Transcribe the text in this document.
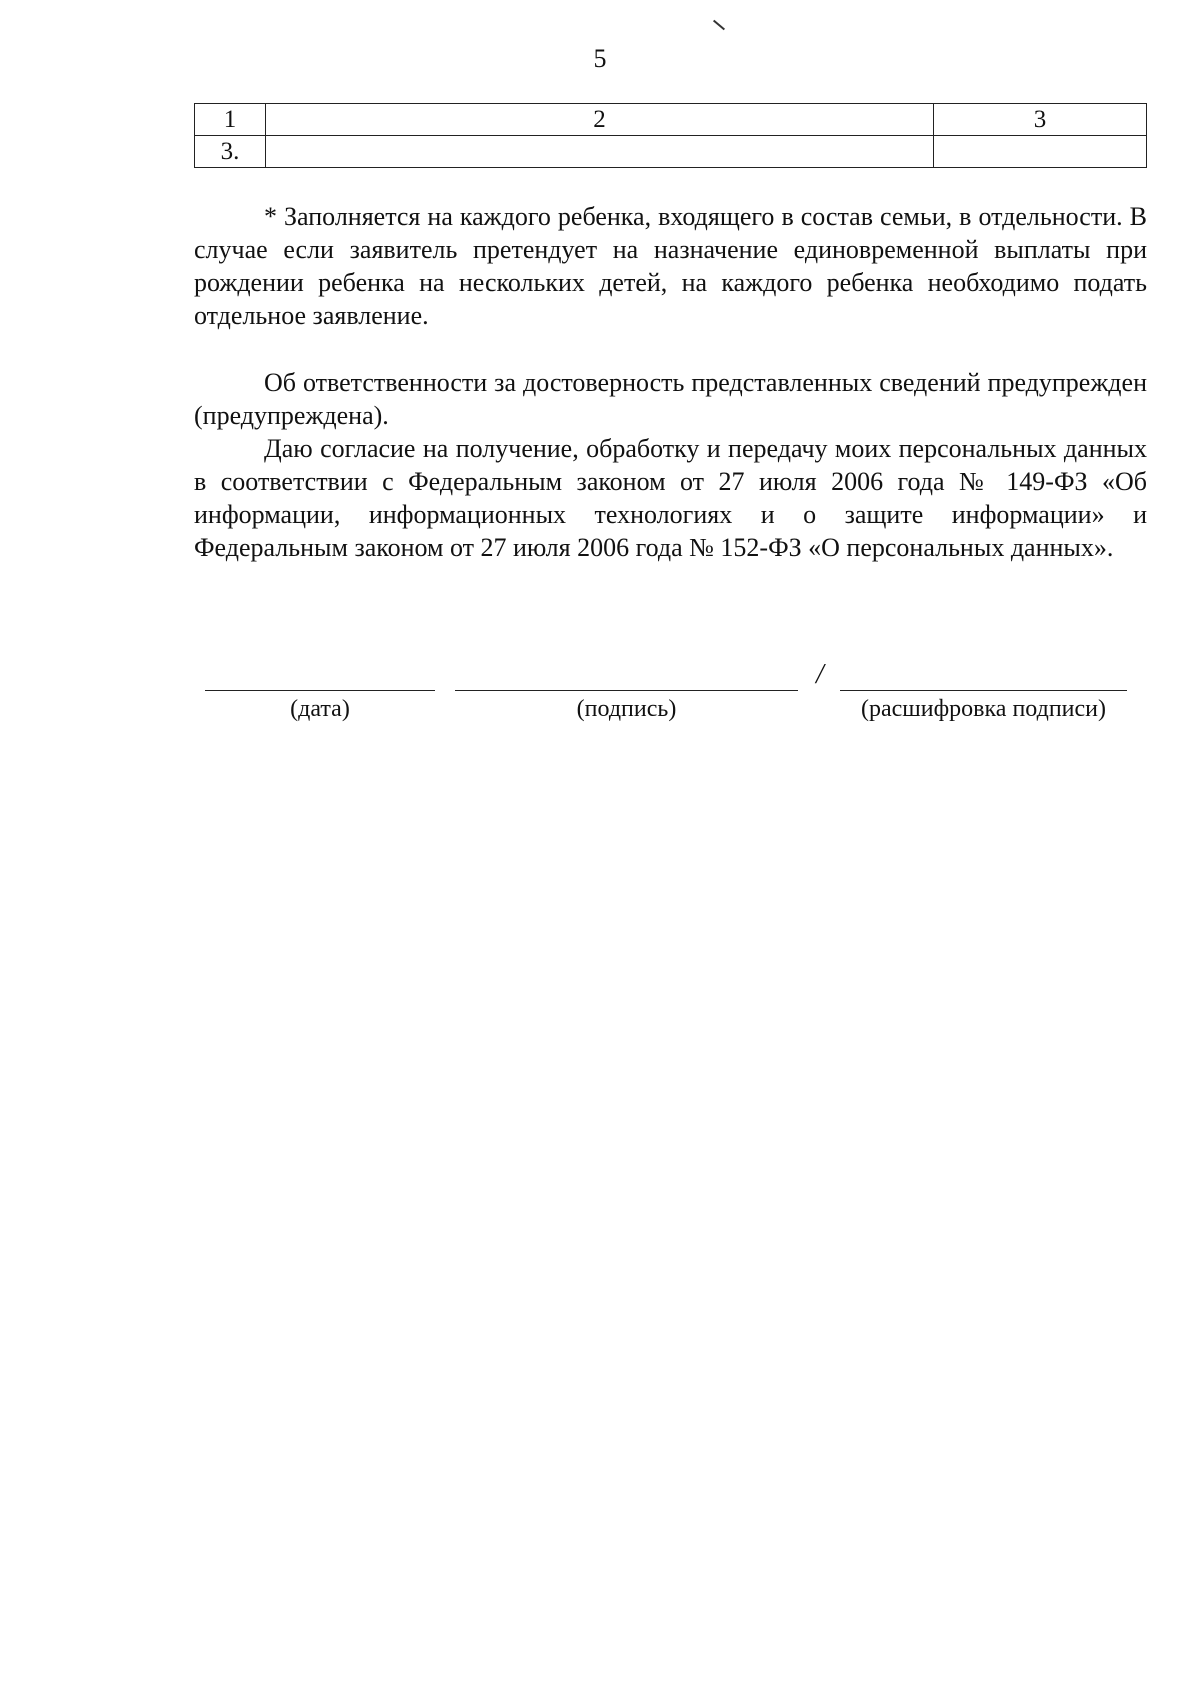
5
1	2	3
3.		

* Заполняется на каждого ребенка, входящего в состав семьи, в отдельности. В случае если заявитель претендует на назначение единовременной выплаты при рождении ребенка на нескольких детей, на каждого ребенка необходимо подать отдельное заявление.

Об ответственности за достоверность представленных сведений предупрежден (предупреждена).

Даю согласие на получение, обработку и передачу моих персональных данных в соответствии с Федеральным законом от 27 июля 2006 года № 149-ФЗ «Об информации, информационных технологиях и о защите информации» и Федеральным законом от 27 июля 2006 года № 152-ФЗ «О персональных данных».

(дата)	(подпись)
/
(расшифровка подписи)
